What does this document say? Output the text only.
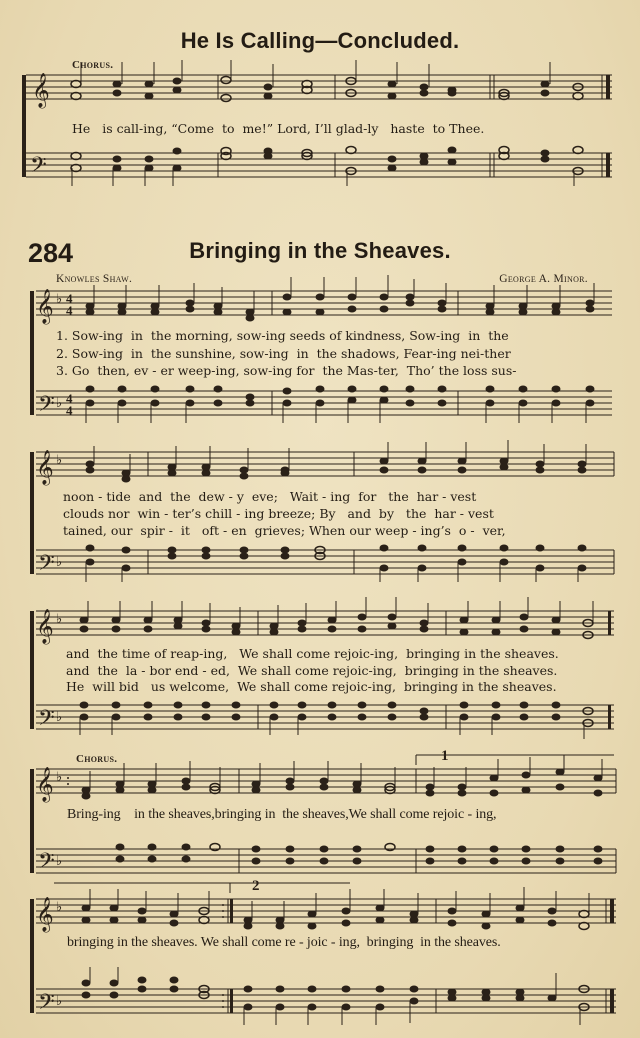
He Is Calling—Concluded.
Chorus.
𝄞
𝄢
He   is call-ing, “Come  to  me!” Lord, I’ll glad-ly   haste  to Thee.
284	Bringing in the Sheaves.
Knowles Shaw.	George A. Minor.
𝄞 ♭ 4
4
𝄢 ♭ 4
4
1. Sow-ing  in  the morning, sow-ing seeds of kindness, Sow-ing  in  the
2. Sow-ing  in  the sunshine, sow-ing  in  the shadows, Fear-ing nei-ther
3. Go  then, ev - er weep-ing, sow-ing for  the Mas-ter,  Tho’ the loss sus-
𝄞 ♭
𝄢 ♭
noon - tide  and  the  dew - y  eve;   Wait - ing  for   the  har - vest
clouds nor  win - ter’s chill - ing breeze; By   and  by   the  har - vest
tained, our  spir -  it   oft - en  grieves; When our weep - ing’s  o -  ver,
𝄞 ♭
𝄢 ♭
and  the time of reap-ing,   We shall come rejoic-ing,  bringing in the sheaves.
and  the  la - bor end - ed,  We shall come rejoic-ing,  bringing in the sheaves.
He  will bid   us welcome,  We shall come rejoic-ing,  bringing in the sheaves.
Chorus.	1
𝄞 ♭
Bring-ing    in the sheaves,bringing in  the sheaves,We shall come rejoic - ing,
𝄢 ♭
2
𝄞 ♭
𝄢 ♭
bringing in the sheaves. We shall come re - joic - ing,  bringing  in the sheaves.
